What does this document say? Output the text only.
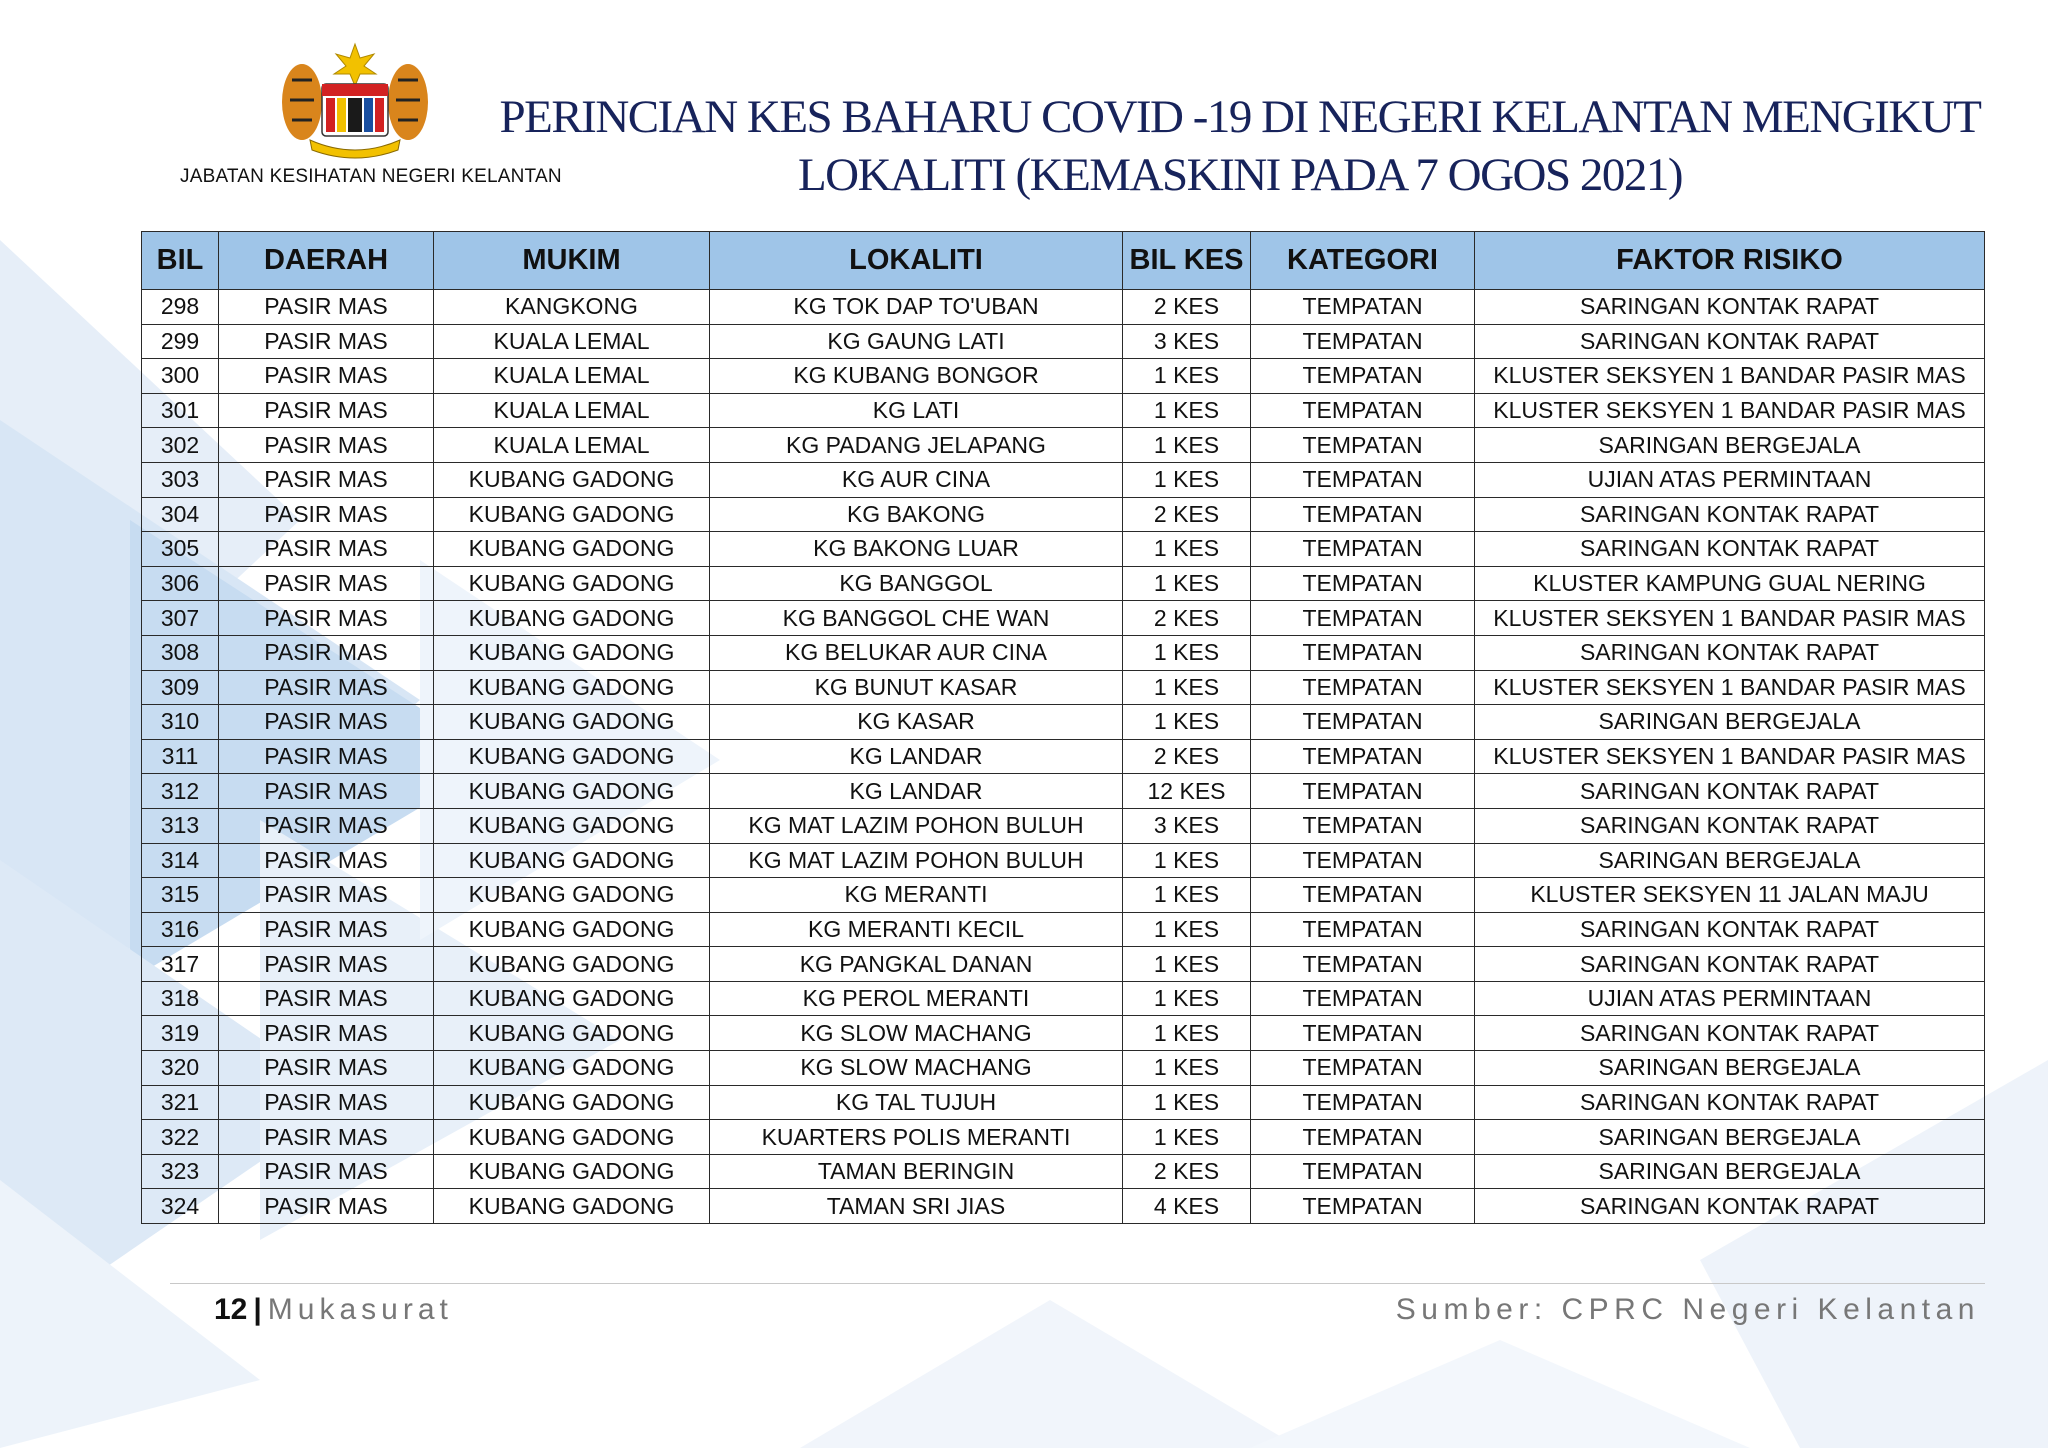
JABATAN KESIHATAN NEGERI KELANTAN
PERINCIAN KES BAHARU COVID -19 DI NEGERI KELANTAN MENGIKUT
LOKALITI (KEMASKINI PADA 7 OGOS 2021)
BIL	DAERAH	MUKIM	LOKALITI	BIL KES	KATEGORI	FAKTOR RISIKO
298	PASIR MAS	KANGKONG	KG TOK DAP TO'UBAN	2 KES	TEMPATAN	SARINGAN KONTAK RAPAT
299	PASIR MAS	KUALA LEMAL	KG GAUNG LATI	3 KES	TEMPATAN	SARINGAN KONTAK RAPAT
300	PASIR MAS	KUALA LEMAL	KG KUBANG BONGOR	1 KES	TEMPATAN	KLUSTER SEKSYEN 1 BANDAR PASIR MAS
301	PASIR MAS	KUALA LEMAL	KG LATI	1 KES	TEMPATAN	KLUSTER SEKSYEN 1 BANDAR PASIR MAS
302	PASIR MAS	KUALA LEMAL	KG PADANG JELAPANG	1 KES	TEMPATAN	SARINGAN BERGEJALA
303	PASIR MAS	KUBANG GADONG	KG AUR CINA	1 KES	TEMPATAN	UJIAN ATAS PERMINTAAN
304	PASIR MAS	KUBANG GADONG	KG BAKONG	2 KES	TEMPATAN	SARINGAN KONTAK RAPAT
305	PASIR MAS	KUBANG GADONG	KG BAKONG LUAR	1 KES	TEMPATAN	SARINGAN KONTAK RAPAT
306	PASIR MAS	KUBANG GADONG	KG BANGGOL	1 KES	TEMPATAN	KLUSTER KAMPUNG GUAL NERING
307	PASIR MAS	KUBANG GADONG	KG BANGGOL CHE WAN	2 KES	TEMPATAN	KLUSTER SEKSYEN 1 BANDAR PASIR MAS
308	PASIR MAS	KUBANG GADONG	KG BELUKAR AUR CINA	1 KES	TEMPATAN	SARINGAN KONTAK RAPAT
309	PASIR MAS	KUBANG GADONG	KG BUNUT KASAR	1 KES	TEMPATAN	KLUSTER SEKSYEN 1 BANDAR PASIR MAS
310	PASIR MAS	KUBANG GADONG	KG KASAR	1 KES	TEMPATAN	SARINGAN BERGEJALA
311	PASIR MAS	KUBANG GADONG	KG LANDAR	2 KES	TEMPATAN	KLUSTER SEKSYEN 1 BANDAR PASIR MAS
312	PASIR MAS	KUBANG GADONG	KG LANDAR	12 KES	TEMPATAN	SARINGAN KONTAK RAPAT
313	PASIR MAS	KUBANG GADONG	KG MAT LAZIM POHON BULUH	3 KES	TEMPATAN	SARINGAN KONTAK RAPAT
314	PASIR MAS	KUBANG GADONG	KG MAT LAZIM POHON BULUH	1 KES	TEMPATAN	SARINGAN BERGEJALA
315	PASIR MAS	KUBANG GADONG	KG MERANTI	1 KES	TEMPATAN	KLUSTER SEKSYEN 11 JALAN MAJU
316	PASIR MAS	KUBANG GADONG	KG MERANTI KECIL	1 KES	TEMPATAN	SARINGAN KONTAK RAPAT
317	PASIR MAS	KUBANG GADONG	KG PANGKAL DANAN	1 KES	TEMPATAN	SARINGAN KONTAK RAPAT
318	PASIR MAS	KUBANG GADONG	KG PEROL MERANTI	1 KES	TEMPATAN	UJIAN ATAS PERMINTAAN
319	PASIR MAS	KUBANG GADONG	KG SLOW MACHANG	1 KES	TEMPATAN	SARINGAN KONTAK RAPAT
320	PASIR MAS	KUBANG GADONG	KG SLOW MACHANG	1 KES	TEMPATAN	SARINGAN BERGEJALA
321	PASIR MAS	KUBANG GADONG	KG TAL TUJUH	1 KES	TEMPATAN	SARINGAN KONTAK RAPAT
322	PASIR MAS	KUBANG GADONG	KUARTERS POLIS MERANTI	1 KES	TEMPATAN	SARINGAN BERGEJALA
323	PASIR MAS	KUBANG GADONG	TAMAN BERINGIN	2 KES	TEMPATAN	SARINGAN BERGEJALA
324	PASIR MAS	KUBANG GADONG	TAMAN SRI JIAS	4 KES	TEMPATAN	SARINGAN KONTAK RAPAT
12 | Mukasurat	Sumber: CPRC Negeri Kelantan
